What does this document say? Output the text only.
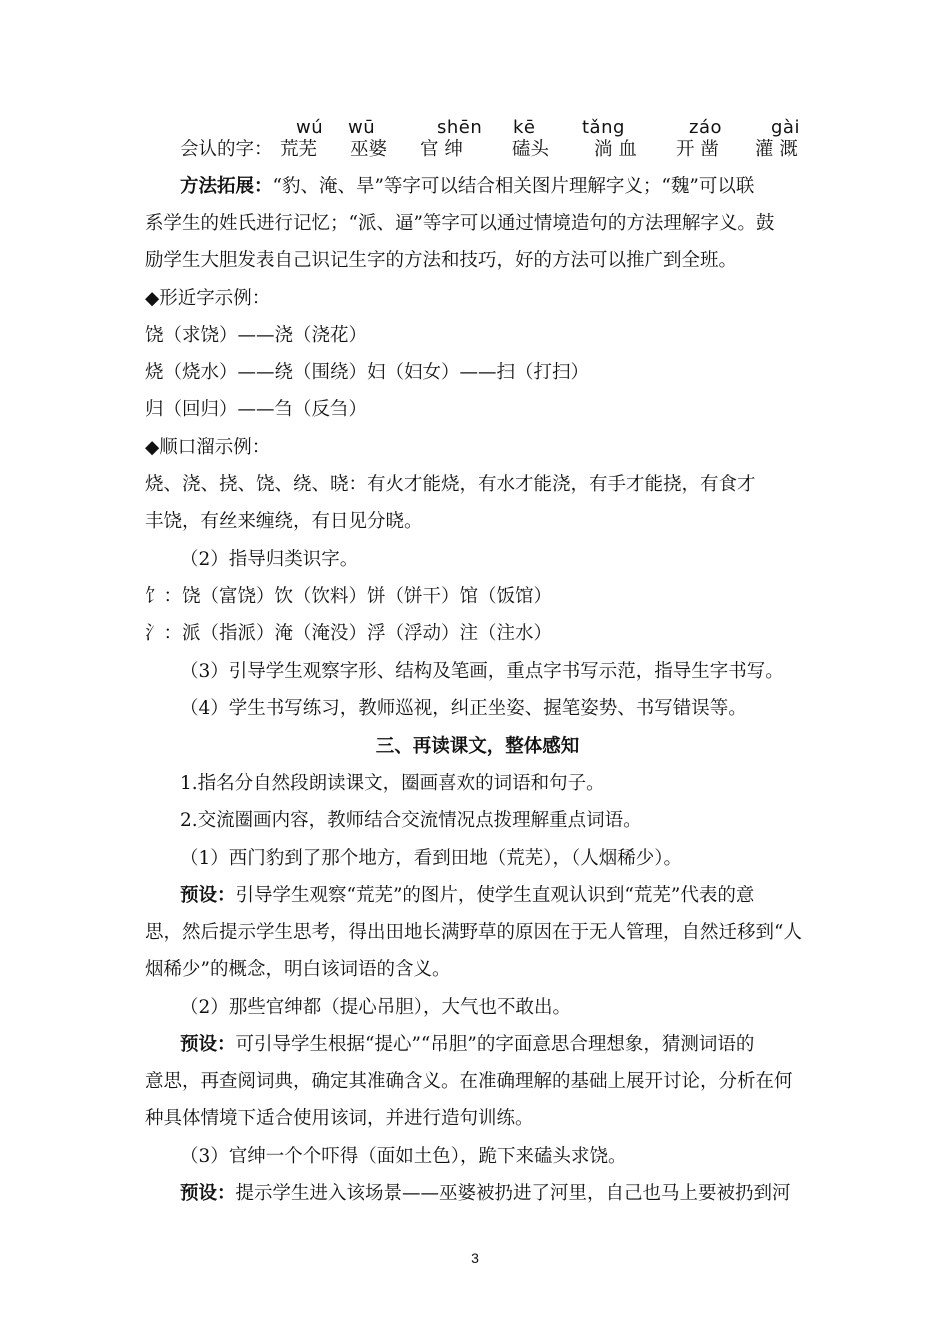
wú wū	shēn kē	tǎng	záo	gài
会认的字： 荒芜 巫婆 官 绅	磕头 淌 血 开 凿 灌 溉
方法拓展：“豹、淹、旱”等字可以结合相关图片理解字义；“魏”可以联
系学生的姓氏进行记忆；“派、逼”等字可以通过情境造句的方法理解字义。鼓
励学生大胆发表自己识记生字的方法和技巧，好的方法可以推广到全班。
◆形近字示例：
饶（求饶）——浇（浇花）
烧（烧水）——绕（围绕）妇（妇女）——扫（打扫）
归（回归）——刍（反刍）
◆顺口溜示例：
烧、浇、挠、饶、绕、晓：有火才能烧，有水才能浇，有手才能挠，有食才
丰饶，有丝来缠绕，有日见分晓。
（2）指导归类识字。
饣：饶（富饶）饮（饮料）饼（饼干）馆（饭馆）
氵：派（指派）淹（淹没）浮（浮动）注（注水）
（3）引导学生观察字形、结构及笔画，重点字书写示范，指导生字书写。
（4）学生书写练习，教师巡视，纠正坐姿、握笔姿势、书写错误等。
三、再读课文，整体感知
1.指名分自然段朗读课文，圈画喜欢的词语和句子。
2.交流圈画内容，教师结合交流情况点拨理解重点词语。
（1）西门豹到了那个地方，看到田地（荒芜），（人烟稀少）。
预设：引导学生观察“荒芜”的图片，使学生直观认识到“荒芜”代表的意
思，然后提示学生思考，得出田地长满野草的原因在于无人管理，自然迁移到“人
烟稀少”的概念，明白该词语的含义。
（2）那些官绅都（提心吊胆），大气也不敢出。
预设：可引导学生根据“提心”“吊胆”的字面意思合理想象，猜测词语的
意思，再查阅词典，确定其准确含义。在准确理解的基础上展开讨论，分析在何
种具体情境下适合使用该词，并进行造句训练。
（3）官绅一个个吓得（面如土色），跪下来磕头求饶。
预设：提示学生进入该场景——巫婆被扔进了河里，自己也马上要被扔到河
3
